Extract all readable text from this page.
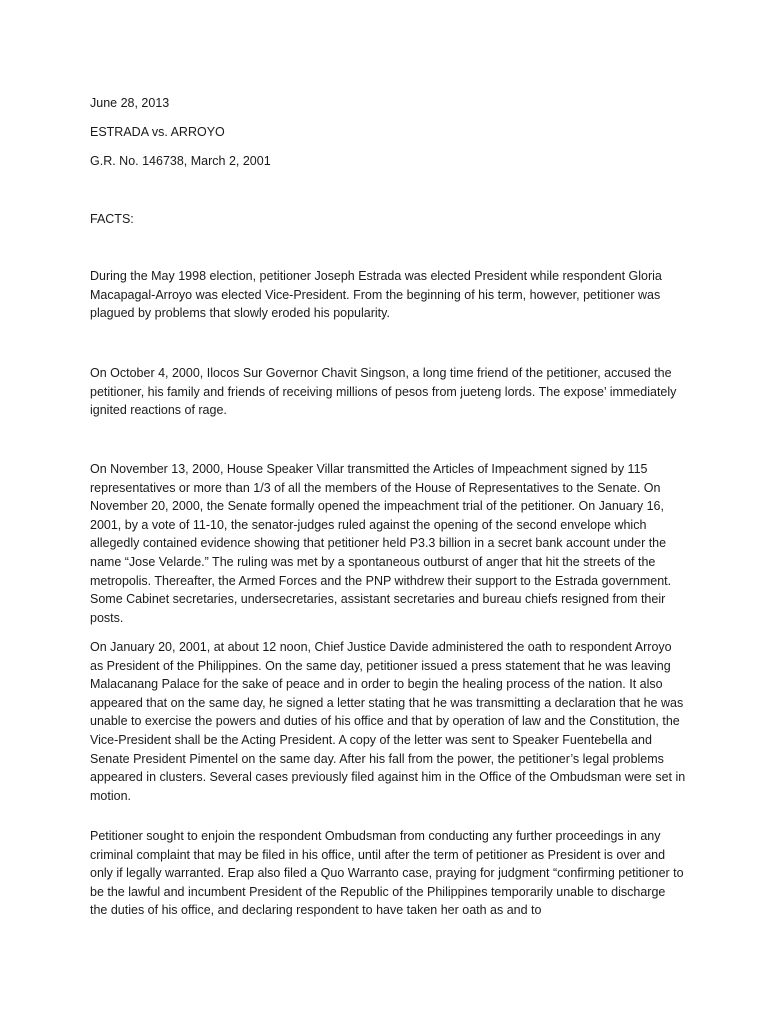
June 28, 2013
ESTRADA vs. ARROYO
G.R. No. 146738, March 2, 2001
FACTS:

During the May 1998 election, petitioner Joseph Estrada was elected President while respondent Gloria Macapagal-Arroyo was elected Vice-President. From the beginning of his term, however, petitioner was plagued by problems that slowly eroded his popularity.

On October 4, 2000, Ilocos Sur Governor Chavit Singson, a long time friend of the petitioner, accused the petitioner, his family and friends of receiving millions of pesos from jueteng lords. The expose’ immediately ignited reactions of rage.

On November 13, 2000, House Speaker Villar transmitted the Articles of Impeachment signed by 115 representatives or more than 1/3 of all the members of the House of Representatives to the Senate. On November 20, 2000, the Senate formally opened the impeachment trial of the petitioner. On January 16, 2001, by a vote of 11-10, the senator-judges ruled against the opening of the second envelope which allegedly contained evidence showing that petitioner held P3.3 billion in a secret bank account under the name “Jose Velarde.” The ruling was met by a spontaneous outburst of anger that hit the streets of the metropolis. Thereafter, the Armed Forces and the PNP withdrew their support to the Estrada government. Some Cabinet secretaries, undersecretaries, assistant secretaries and bureau chiefs resigned from their posts.

On January 20, 2001, at about 12 noon, Chief Justice Davide administered the oath to respondent Arroyo as President of the Philippines. On the same day, petitioner issued a press statement that he was leaving Malacanang Palace for the sake of peace and in order to begin the healing process of the nation. It also appeared that on the same day, he signed a letter stating that he was transmitting a declaration that he was unable to exercise the powers and duties of his office and that by operation of law and the Constitution, the Vice-President shall be the Acting President. A copy of the letter was sent to Speaker Fuentebella and Senate President Pimentel on the same day. After his fall from the power, the petitioner’s legal problems appeared in clusters. Several cases previously filed against him in the Office of the Ombudsman were set in motion.

Petitioner sought to enjoin the respondent Ombudsman from conducting any further proceedings in any criminal complaint that may be filed in his office, until after the term of petitioner as President is over and only if legally warranted. Erap also filed a Quo Warranto case, praying for judgment “confirming petitioner to be the lawful and incumbent President of the Republic of the Philippines temporarily unable to discharge the duties of his office, and declaring respondent to have taken her oath as and to
